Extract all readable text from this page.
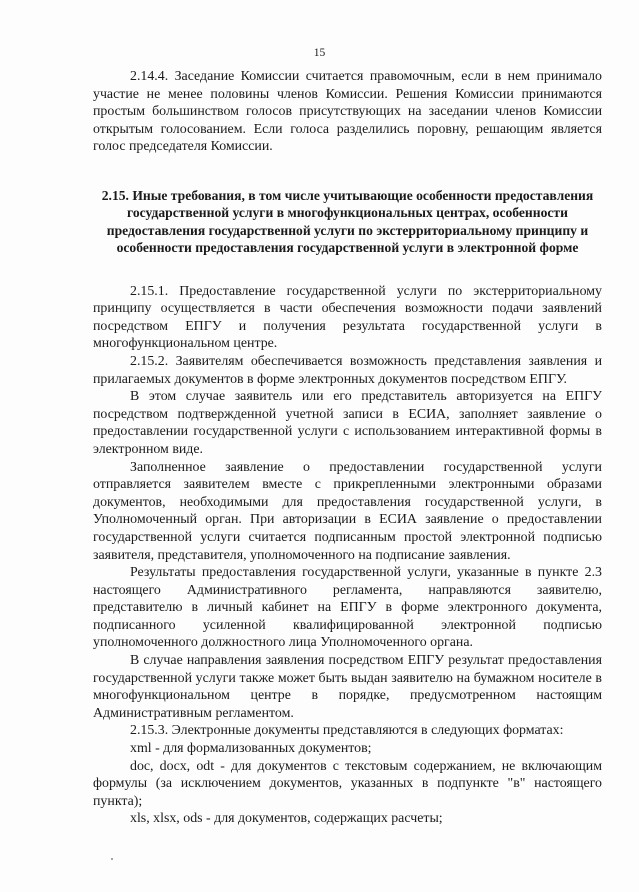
15

2.14.4. Заседание Комиссии считается правомочным, если в нем принимало участие не менее половины членов Комиссии. Решения Комиссии принимаются простым большинством голосов присутствующих на заседании членов Комиссии открытым голосованием. Если голоса разделились поровну, решающим является голос председателя Комиссии.

2.15. Иные требования, в том числе учитывающие особенности предоставления государственной услуги в многофункциональных центрах, особенности предоставления государственной услуги по экстерриториальному принципу и особенности предоставления государственной услуги в электронной форме

2.15.1. Предоставление государственной услуги по экстерриториальному принципу осуществляется в части обеспечения возможности подачи заявлений посредством ЕПГУ и получения результата государственной услуги в многофункциональном центре.

2.15.2. Заявителям обеспечивается возможность представления заявления и прилагаемых документов в форме электронных документов посредством ЕПГУ.

В этом случае заявитель или его представитель авторизуется на ЕПГУ посредством подтвержденной учетной записи в ЕСИА, заполняет заявление о предоставлении государственной услуги с использованием интерактивной формы в электронном виде.

Заполненное заявление о предоставлении государственной услуги отправляется заявителем вместе с прикрепленными электронными образами документов, необходимыми для предоставления государственной услуги, в Уполномоченный орган. При авторизации в ЕСИА заявление о предоставлении государственной услуги считается подписанным простой электронной подписью заявителя, представителя, уполномоченного на подписание заявления.

Результаты предоставления государственной услуги, указанные в пункте 2.3 настоящего Административного регламента, направляются заявителю, представителю в личный кабинет на ЕПГУ в форме электронного документа, подписанного усиленной квалифицированной электронной подписью уполномоченного должностного лица Уполномоченного органа.

В случае направления заявления посредством ЕПГУ результат предоставления государственной услуги также может быть выдан заявителю на бумажном носителе в многофункциональном центре в порядке, предусмотренном настоящим Административным регламентом.

2.15.3. Электронные документы представляются в следующих форматах:

xml - для формализованных документов;

doc, docx, odt - для документов с текстовым содержанием, не включающим формулы (за исключением документов, указанных в подпункте "в" настоящего пункта);

xls, xlsx, ods - для документов, содержащих расчеты;
